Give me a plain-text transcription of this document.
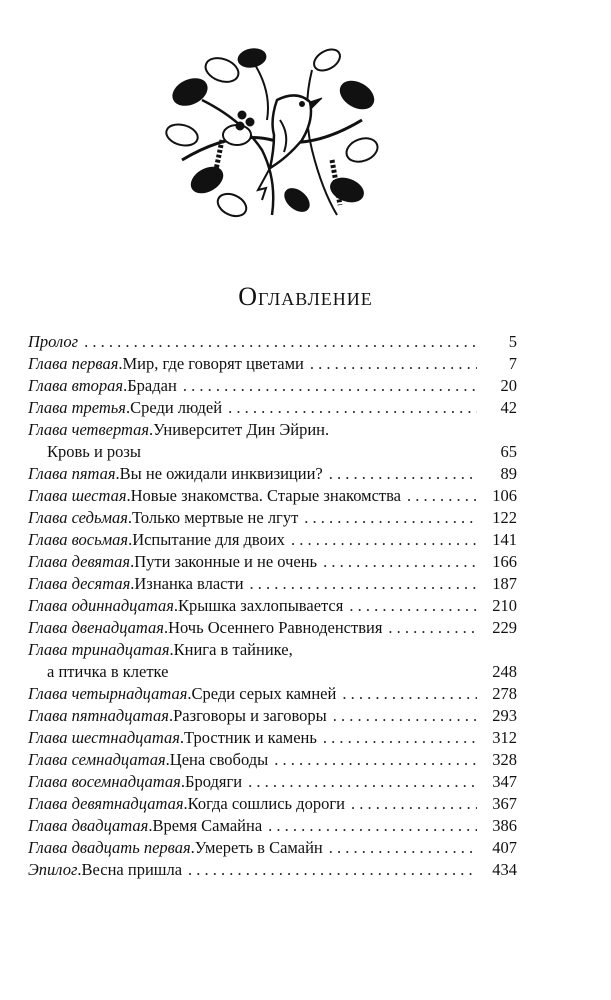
Оглавление
Пролог . . .	5
Глава первая . Мир, где говорят цветами . . .	7
Глава вторая . Брадан . . .	20
Глава третья . Среди людей . . .	42
Глава четвертая . Университет Дин Эйрин.
Кровь и розы	65
Глава пятая . Вы не ожидали инквизиции? . . .	89
Глава шестая . Новые знакомства. Старые знакомства . . .	106
Глава седьмая . Только мертвые не лгут . . .	122
Глава восьмая . Испытание для двоих . . .	141
Глава девятая . Пути законные и не очень . . .	166
Глава десятая . Изнанка власти . . .	187
Глава одиннадцатая . Крышка захлопывается . . .	210
Глава двенадцатая . Ночь Осеннего Равноденствия . . .	229
Глава тринадцатая . Книга в тайнике,
а птичка в клетке	248
Глава четырнадцатая . Среди серых камней . . .	278
Глава пятнадцатая . Разговоры и заговоры . . .	293
Глава шестнадцатая . Тростник и камень . . .	312
Глава семнадцатая . Цена свободы . . .	328
Глава восемнадцатая . Бродяги . . .	347
Глава девятнадцатая . Когда сошлись дороги . . .	367
Глава двадцатая . Время Самайна . . .	386
Глава двадцать первая . Умереть в Самайн . . .	407
Эпилог . Весна пришла . . .	434
